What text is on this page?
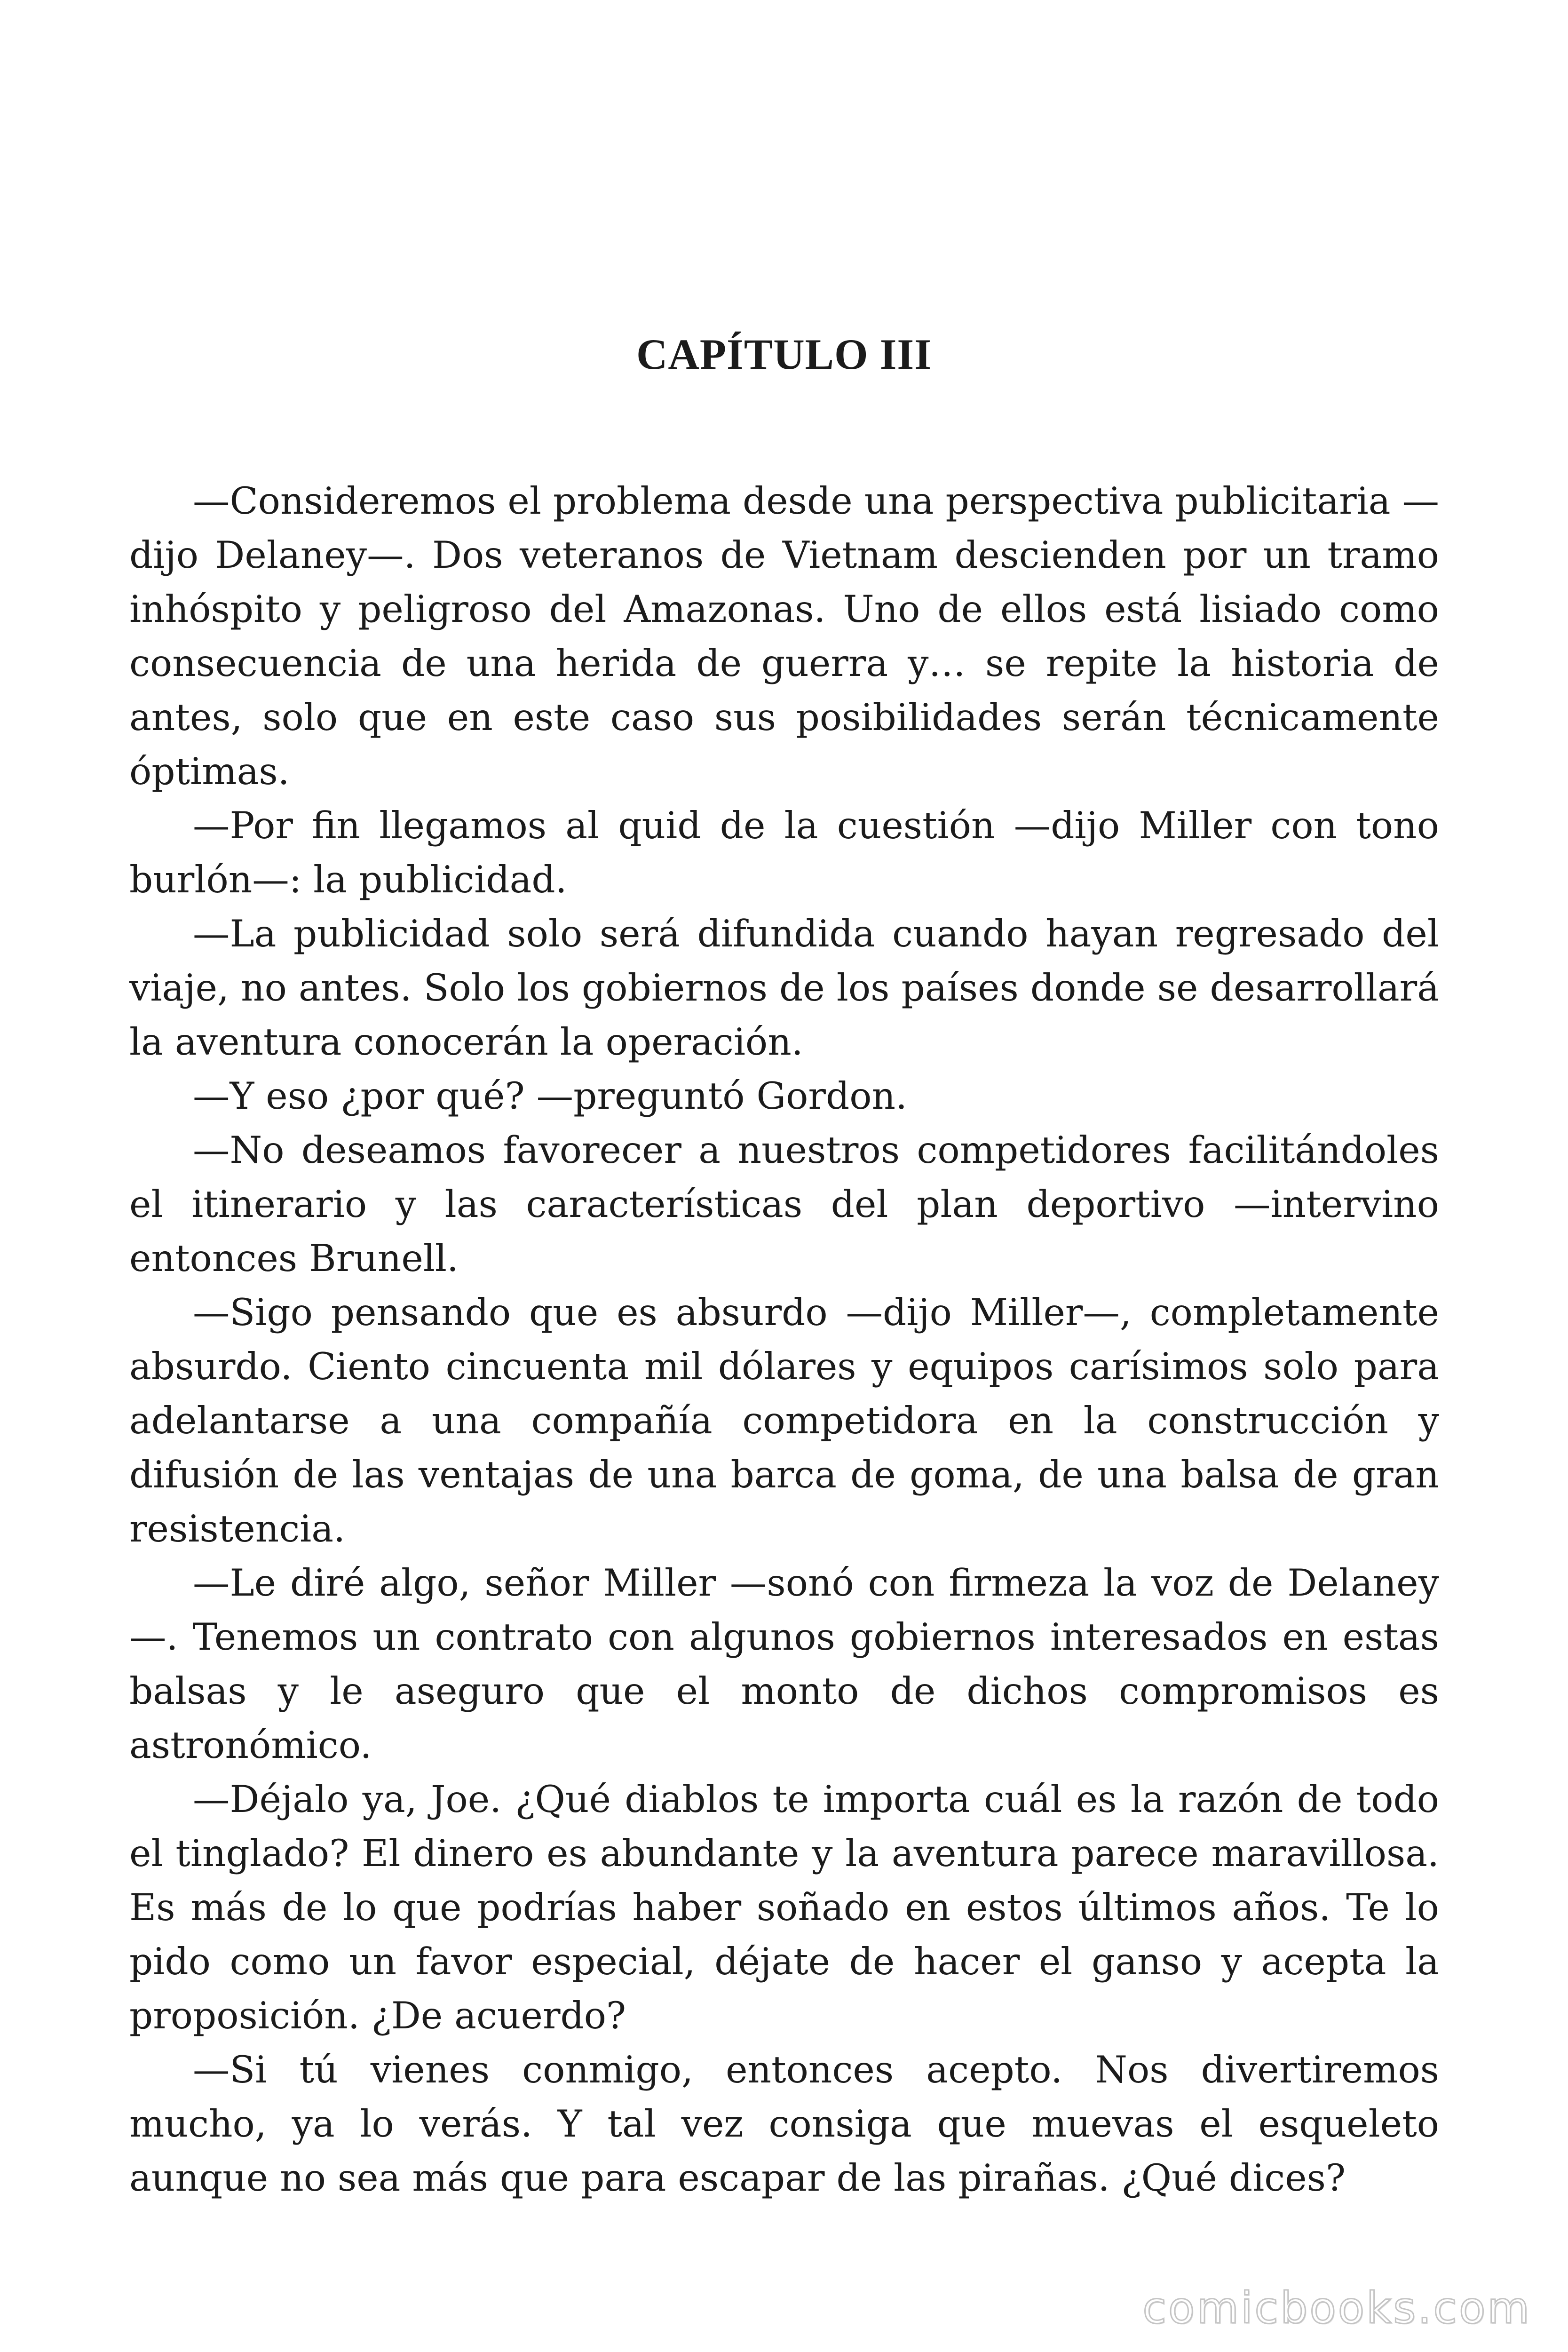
CAPÍTULO III

—Consideremos el problema desde una perspectiva publicitaria —dijo Delaney—. Dos veteranos de Vietnam descienden por un tramo inhóspito y peligroso del Amazonas. Uno de ellos está lisiado como consecuencia de una herida de guerra y… se repite la historia de antes, solo que en este caso sus posibilidades serán técnicamente óptimas.

—Por fin llegamos al quid de la cuestión —dijo Miller con tono burlón—: la publicidad.

—La publicidad solo será difundida cuando hayan regresado del viaje, no antes. Solo los gobiernos de los países donde se desarrollará la aventura conocerán la operación.

—Y eso ¿por qué? —preguntó Gordon.

—No deseamos favorecer a nuestros competidores facilitándoles el itinerario y las características del plan deportivo —intervino entonces Brunell.

—Sigo pensando que es absurdo —dijo Miller—, completamente absurdo. Ciento cincuenta mil dólares y equipos carísimos solo para adelantarse a una compañía competidora en la construcción y difusión de las ventajas de una barca de goma, de una balsa de gran resistencia.

—Le diré algo, señor Miller —sonó con firmeza la voz de Delaney—. Tenemos un contrato con algunos gobiernos interesados en estas balsas y le aseguro que el monto de dichos compromisos es astronómico.

—Déjalo ya, Joe. ¿Qué diablos te importa cuál es la razón de todo el tinglado? El dinero es abundante y la aventura parece maravillosa. Es más de lo que podrías haber soñado en estos últimos años. Te lo pido como un favor especial, déjate de hacer el ganso y acepta la proposición. ¿De acuerdo?

—Si tú vienes conmigo, entonces acepto. Nos divertiremos mucho, ya lo verás. Y tal vez consiga que muevas el esqueleto aunque no sea más que para escapar de las pirañas. ¿Qué dices?

comicbooks.com
